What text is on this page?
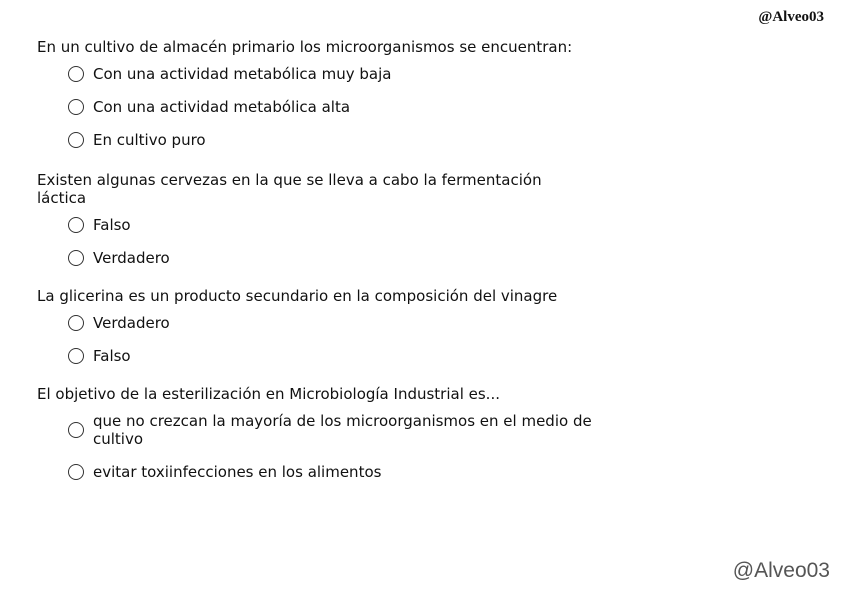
@Alveo03

En un cultivo de almacén primario los microorganismos se encuentran:

Con una actividad metabólica muy baja
Con una actividad metabólica alta
En cultivo puro

Existen algunas cervezas en la que se lleva a cabo la fermentación láctica

Falso
Verdadero

La glicerina es un producto secundario en la composición del vinagre

Verdadero
Falso

El objetivo de la esterilización en Microbiología Industrial es...

que no crezcan la mayoría de los microorganismos en el medio de cultivo
evitar toxiinfecciones en los alimentos
@Alveo03
